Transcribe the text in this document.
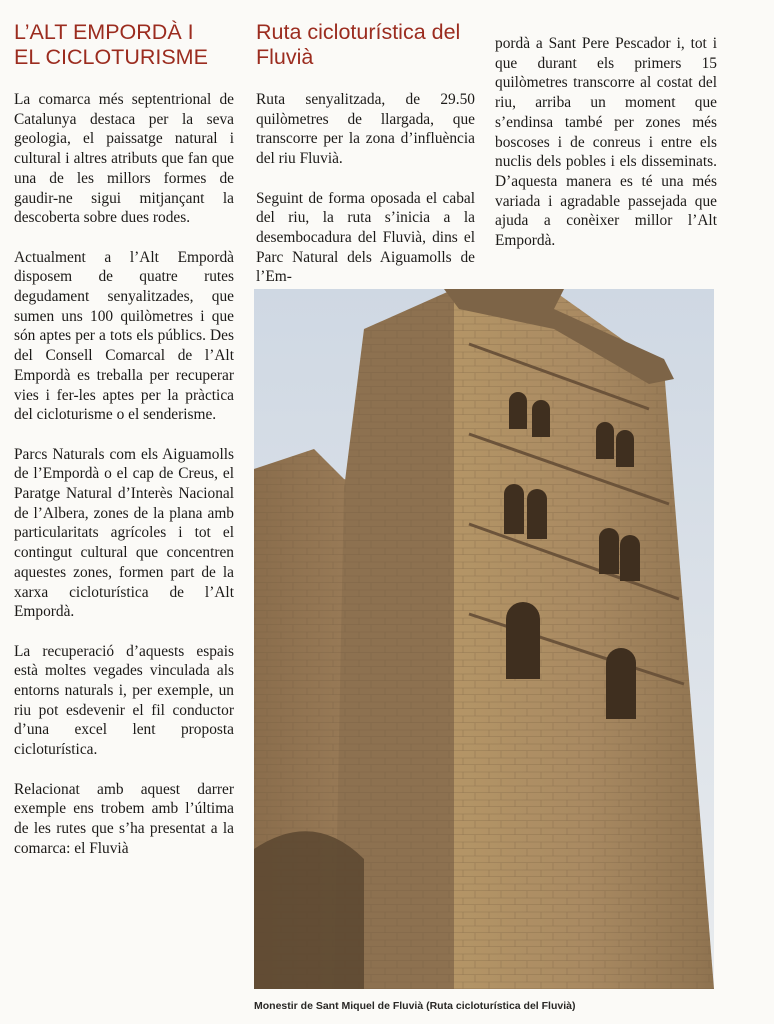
L’ALT EMPORDÀ I
EL CICLOTURISME

La comarca més septentrional de Catalunya destaca per la seva geologia, el paissatge natural i cultural i altres atributs que fan que una de les millors formes de gaudir-ne sigui mitjançant la descoberta sobre dues rodes.

Actualment a l’Alt Empordà disposem de quatre rutes degudament senyalitzades, que sumen uns 100 quilòmetres i que són aptes per a tots els públics. Des del Consell Comarcal de l’Alt Empordà es treballa per recuperar vies i fer-les aptes per la pràctica del cicloturisme o el senderisme.

Parcs Naturals com els Aiguamolls de l’Empordà o el cap de Creus, el Paratge Natural d’Interès Nacional de l’Albera, zones de la plana amb particularitats agrícoles i tot el contingut cultural que concentren aquestes zones, formen part de la xarxa cicloturística de l’Alt Empordà.

La recuperació d’aquests espais està moltes vegades vinculada als entorns naturals i, per exemple, un riu pot esdevenir el fil conductor d’una excel lent proposta cicloturística.

Relacionat amb aquest darrer exemple ens trobem amb l’última de les rutes que s’ha presentat a la comarca: el Fluvià

Ruta cicloturística del
Fluvià

Ruta senyalitzada, de 29.50 quilòmetres de llargada, que transcorre per la zona d’influència del riu Fluvià.

Seguint de forma oposada el cabal del riu, la ruta s’inicia a la desembocadura del Fluvià, dins el Parc Natural dels Aiguamolls de l’Em-

pordà a Sant Pere Pescador i, tot i que durant els primers 15 quilòmetres transcorre al costat del riu, arriba un moment que s’endinsa també per zones més boscoses i de conreus i entre els nuclis dels pobles i els disseminats. D’aquesta manera es té una més variada i agradable passejada que ajuda a conèixer millor l’Alt Empordà.

Monestir de Sant Miquel de Fluvià (Ruta cicloturística del Fluvià)
